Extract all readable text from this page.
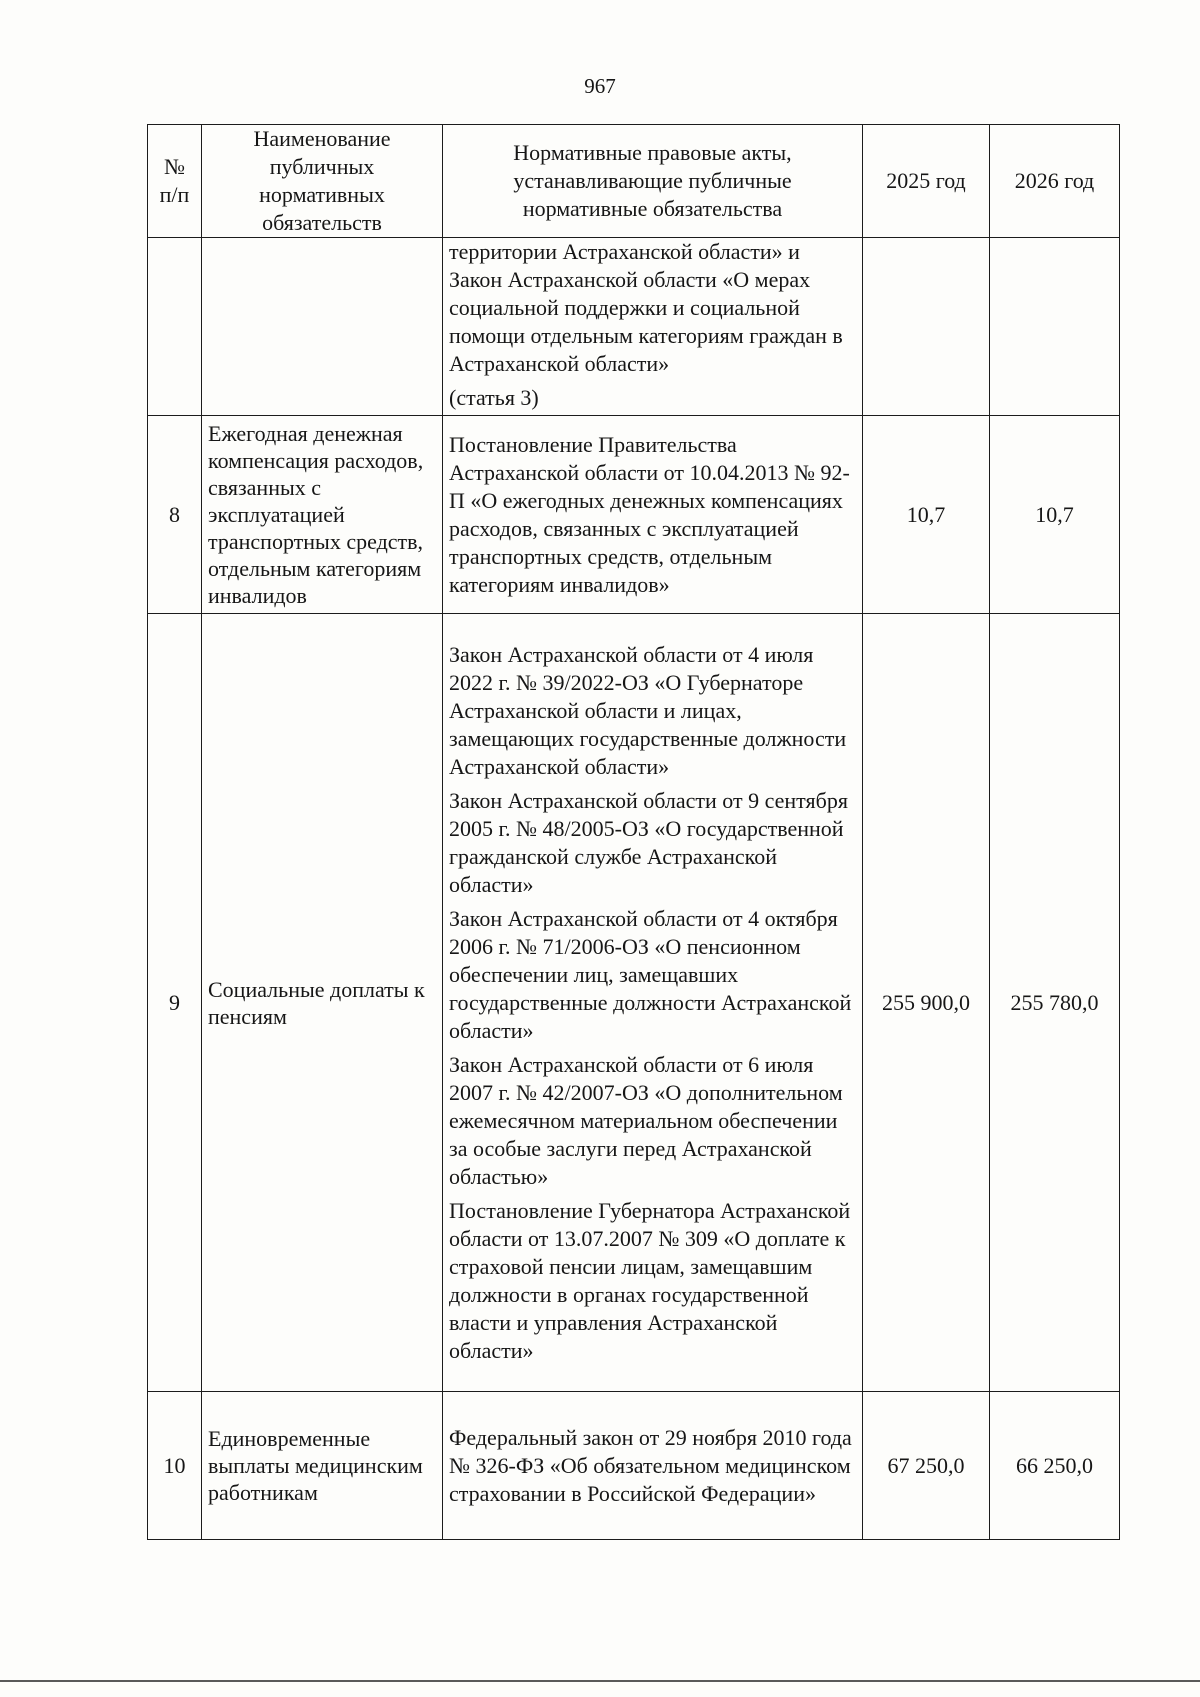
967
№ п/п	Наименование публичных нормативных обязательств	Нормативные правовые акты, устанавливающие публичные нормативные обязательства	2025 год	2026 год

		территории Астраханской области» и Закон Астраханской области «О мерах социальной поддержки и социальной помощи отдельным категориям граждан в Астраханской области»
(статья 3)		

8	Ежегодная денежная компенсация расходов, связанных с эксплуатацией транспортных средств, отдельным категориям инвалидов	Постановление Правительства Астраханской области от 10.04.2013 № 92-П «О ежегодных денежных компенсациях расходов, связанных с эксплуатацией транспортных средств, отдельным категориям инвалидов»	10,7	10,7
9	Социальные доплаты к пенсиям	Закон Астраханской области от 4 июля 2022 г. № 39/2022-ОЗ «О Губернаторе Астраханской области и лицах, замещающих государственные должности Астраханской области»
Закон Астраханской области от 9 сентября 2005 г. № 48/2005-ОЗ «О государственной гражданской службе Астраханской области»
Закон Астраханской области от 4 октября 2006 г. № 71/2006-ОЗ «О пенсионном обеспечении лиц, замещавших государственные должности Астраханской области»
Закон Астраханской области от 6 июля 2007 г. № 42/2007-ОЗ «О дополнительном ежемесячном материальном обеспечении за особые заслуги перед Астраханской областью»
Постановление Губернатора Астраханской области от 13.07.2007 № 309 «О доплате к страховой пенсии лицам, замещавшим должности в органах государственной власти и управления Астраханской области»	255 900,0	255 780,0
10	Единовременные выплаты медицинским работникам	Федеральный закон от 29 ноября 2010 года № 326-ФЗ «Об обязательном медицинском страховании в Российской Федерации»	67 250,0	66 250,0
